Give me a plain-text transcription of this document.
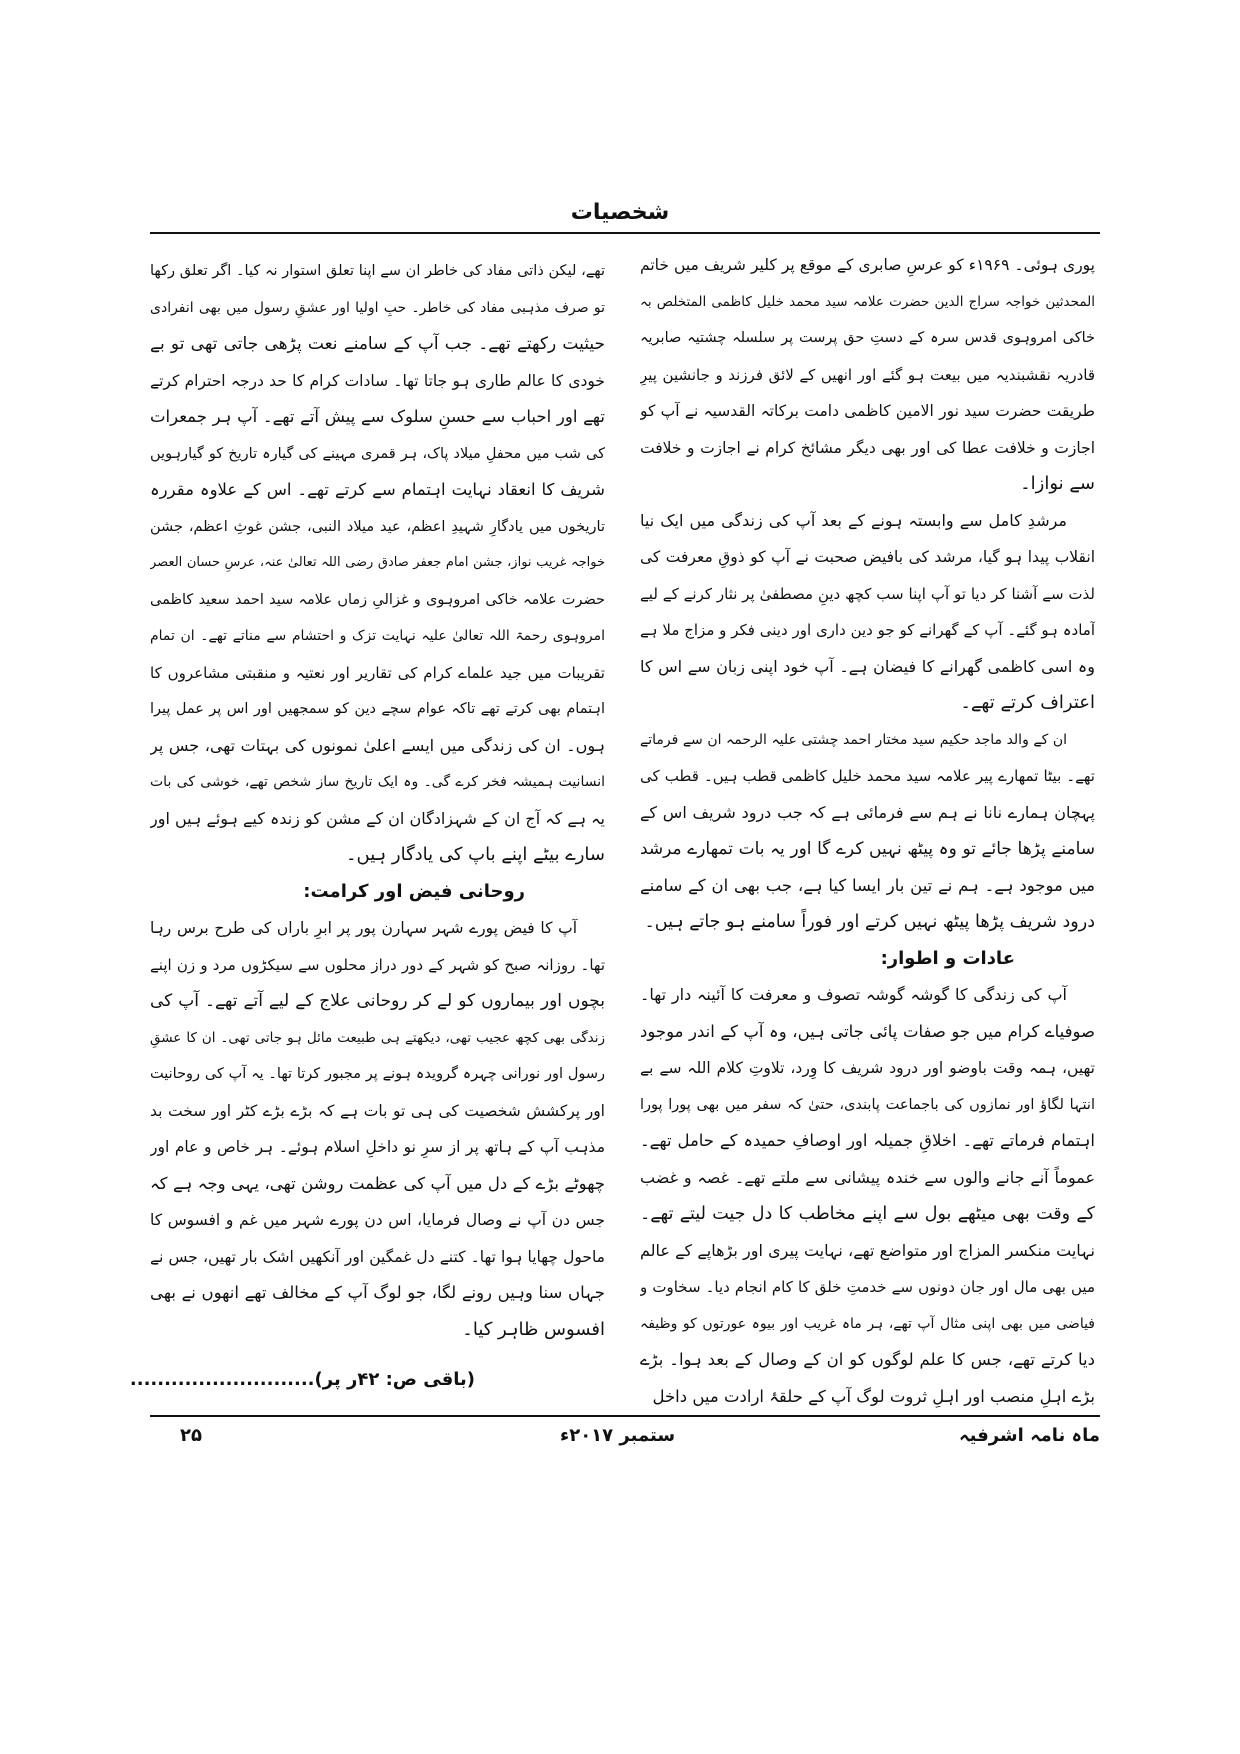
شخصیات
پوری ہوئی۔ ۱۹۶۹ء کو عرسِ صابری کے موقع پر کلیر شریف میں خاتم
المحدثین خواجہ سراج الدین حضرت علامہ سید محمد خلیل کاظمی المتخلص بہ
خاکی امروہوی قدس سرہ کے دستِ حق پرست پر سلسلہ چشتیہ صابریہ
قادریہ نقشبندیہ میں بیعت ہو گئے اور انھیں کے لائق فرزند و جانشین پیرِ
طریقت حضرت سید نور الامین کاظمی دامت برکاتہ القدسیہ نے آپ کو
اجازت و خلافت عطا کی اور بھی دیگر مشائخ کرام نے اجازت و خلافت
سے نوازا۔
مرشدِ کامل سے وابستہ ہونے کے بعد آپ کی زندگی میں ایک نیا
انقلاب پیدا ہو گیا، مرشد کی بافیض صحبت نے آپ کو ذوقِ معرفت کی
لذت سے آشنا کر دیا تو آپ اپنا سب کچھ دینِ مصطفیٰ پر نثار کرنے کے لیے
آمادہ ہو گئے۔ آپ کے گھرانے کو جو دین داری اور دینی فکر و مزاج ملا ہے
وہ اسی کاظمی گھرانے کا فیضان ہے۔ آپ خود اپنی زبان سے اس کا
اعتراف کرتے تھے۔
ان کے والد ماجد حکیم سید مختار احمد چشتی علیہ الرحمہ ان سے فرماتے
تھے۔ بیٹا تمھارے پیر علامہ سید محمد خلیل کاظمی قطب ہیں۔ قطب کی
پہچان ہمارے نانا نے ہم سے فرمائی ہے کہ جب درود شریف اس کے
سامنے پڑھا جائے تو وہ پیٹھ نہیں کرے گا اور یہ بات تمھارے مرشد
میں موجود ہے۔ ہم نے تین بار ایسا کیا ہے، جب بھی ان کے سامنے
درود شریف پڑھا پیٹھ نہیں کرتے اور فوراً سامنے ہو جاتے ہیں۔
عادات و اطوار:
آپ کی زندگی کا گوشہ گوشہ تصوف و معرفت کا آئینہ دار تھا۔
صوفیاے کرام میں جو صفات پائی جاتی ہیں، وہ آپ کے اندر موجود
تھیں، ہمہ وقت باوضو اور درود شریف کا وِرد، تلاوتِ کلام اللہ سے بے
انتہا لگاؤ اور نمازوں کی باجماعت پابندی، حتیٰ کہ سفر میں بھی پورا پورا
اہتمام فرماتے تھے۔ اخلاقِ جمیلہ اور اوصافِ حمیدہ کے حامل تھے۔
عموماً آنے جانے والوں سے خندہ پیشانی سے ملتے تھے۔ غصہ و غضب
کے وقت بھی میٹھے بول سے اپنے مخاطب کا دل جیت لیتے تھے۔
نہایت منکسر المزاج اور متواضع تھے، نہایت پیری اور بڑھاپے کے عالم
میں بھی مال اور جان دونوں سے خدمتِ خلق کا کام انجام دیا۔ سخاوت و
فیاضی میں بھی اپنی مثال آپ تھے، ہر ماہ غریب اور بیوہ عورتوں کو وظیفہ
دیا کرتے تھے، جس کا علم لوگوں کو ان کے وصال کے بعد ہوا۔ بڑے
بڑے اہلِ منصب اور اہلِ ثروت لوگ آپ کے حلقۂ ارادت میں داخل
تھے، لیکن ذاتی مفاد کی خاطر ان سے اپنا تعلق استوار نہ کیا۔ اگر تعلق رکھا
تو صرف مذہبی مفاد کی خاطر۔ حبِ اولیا اور عشقِ رسول میں بھی انفرادی
حیثیت رکھتے تھے۔ جب آپ کے سامنے نعت پڑھی جاتی تھی تو بے
خودی کا عالم طاری ہو جاتا تھا۔ سادات کرام کا حد درجہ احترام کرتے
تھے اور احباب سے حسنِ سلوک سے پیش آتے تھے۔ آپ ہر جمعرات
کی شب میں محفلِ میلاد پاک، ہر قمری مہینے کی گیارہ تاریخ کو گیارہویں
شریف کا انعقاد نہایت اہتمام سے کرتے تھے۔ اس کے علاوہ مقررہ
تاریخوں میں یادگارِ شہیدِ اعظم، عید میلاد النبی، جشن غوثِ اعظم، جشن
خواجہ غریب نواز، جشن امام جعفر صادق رضی اللہ تعالیٰ عنہ، عرسِ حسان العصر
حضرت علامہ خاکی امروہوی و غزالیِ زماں علامہ سید احمد سعید کاظمی
امروہوی رحمۃ اللہ تعالیٰ علیہ نہایت تزک و احتشام سے مناتے تھے۔ ان تمام
تقریبات میں جید علماے کرام کی تقاریر اور نعتیہ و منقبتی مشاعروں کا
اہتمام بھی کرتے تھے تاکہ عوام سچے دین کو سمجھیں اور اس پر عمل پیرا
ہوں۔ ان کی زندگی میں ایسے اعلیٰ نمونوں کی بہتات تھی، جس پر
انسانیت ہمیشہ فخر کرے گی۔ وہ ایک تاریخ ساز شخص تھے، خوشی کی بات
یہ ہے کہ آج ان کے شہزادگان ان کے مشن کو زندہ کیے ہوئے ہیں اور
سارے بیٹے اپنے باپ کی یادگار ہیں۔
روحانی فیض اور کرامت:
آپ کا فیض پورے شہر سہارن پور پر ابرِ باراں کی طرح برس رہا
تھا۔ روزانہ صبح کو شہر کے دور دراز محلوں سے سیکڑوں مرد و زن اپنے
بچوں اور بیماروں کو لے کر روحانی علاج کے لیے آتے تھے۔ آپ کی
زندگی بھی کچھ عجیب تھی، دیکھتے ہی طبیعت مائل ہو جاتی تھی۔ ان کا عشقِ
رسول اور نورانی چہرہ گرویدہ ہونے پر مجبور کرتا تھا۔ یہ آپ کی روحانیت
اور پرکشش شخصیت کی ہی تو بات ہے کہ بڑے بڑے کٹر اور سخت بد
مذہب آپ کے ہاتھ پر از سرِ نو داخلِ اسلام ہوئے۔ ہر خاص و عام اور
چھوٹے بڑے کے دل میں آپ کی عظمت روشن تھی، یہی وجہ ہے کہ
جس دن آپ نے وصال فرمایا، اس دن پورے شہر میں غم و افسوس کا
ماحول چھایا ہوا تھا۔ کتنے دل غمگین اور آنکھیں اشک بار تھیں، جس نے
جہاں سنا وہیں رونے لگا، جو لوگ آپ کے مخالف تھے انھوں نے بھی
افسوس ظاہر کیا۔
(باقی ص: ۴۲ر پر)...........................
ماہ نامہ اشرفیہ
ستمبر ۲۰۱۷ء
۲۵
